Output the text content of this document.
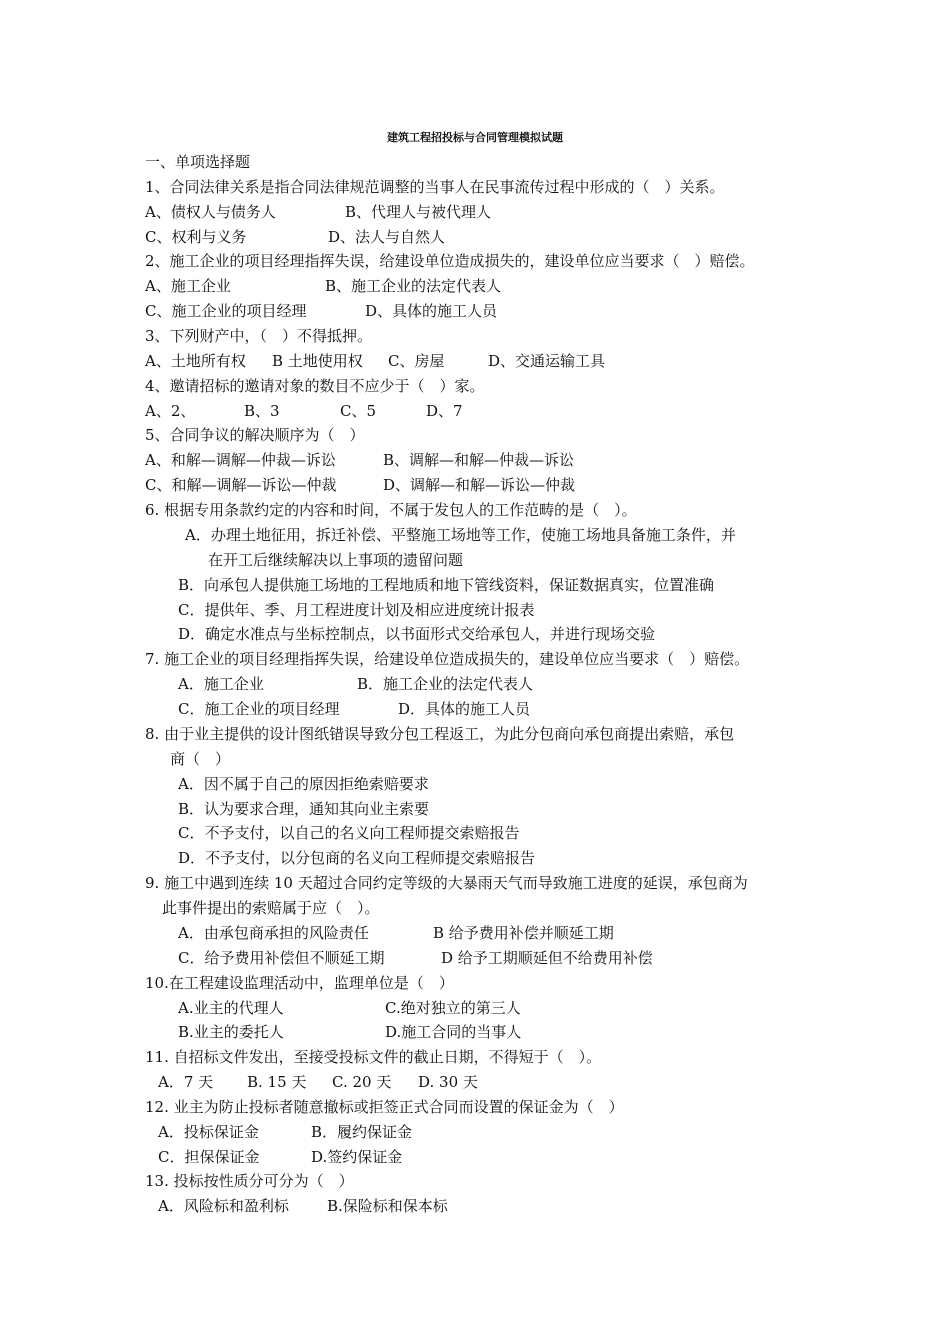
建筑工程招投标与合同管理模拟试题
一、单项选择题
1、合同法律关系是指合同法律规范调整的当事人在民事流传过程中形成的（　）关系。
A、债权人与债务人	B、代理人与被代理人
C、权利与义务	D、法人与自然人
2、施工企业的项目经理指挥失误，给建设单位造成损失的，建设单位应当要求（　）赔偿。
A、施工企业	B、施工企业的法定代表人
C、施工企业的项目经理	D、具体的施工人员
3、下列财产中，（　）不得抵押。
A、土地所有权 B 土地使用权 C、房屋	D、交通运输工具
4、邀请招标的邀请对象的数目不应少于（　）家。
A、2、	B、3	C、5	D、7
5、合同争议的解决顺序为（　）
A、和解—调解—仲裁—诉讼	B、调解—和解—仲裁—诉讼
C、和解—调解—诉讼—仲裁	D、调解—和解—诉讼—仲裁
6. 根据专用条款约定的内容和时间，不属于发包人的工作范畴的是（　）。
A．办理土地征用，拆迁补偿、平整施工场地等工作，使施工场地具备施工条件，并
在开工后继续解决以上事项的遗留问题
B．向承包人提供施工场地的工程地质和地下管线资料，保证数据真实，位置准确
C．提供年、季、月工程进度计划及相应进度统计报表
D．确定水准点与坐标控制点，以书面形式交给承包人，并进行现场交验
7. 施工企业的项目经理指挥失误，给建设单位造成损失的，建设单位应当要求（　）赔偿。
A．施工企业	B．施工企业的法定代表人
C．施工企业的项目经理	D．具体的施工人员
8. 由于业主提供的设计图纸错误导致分包工程返工，为此分包商向承包商提出索赔，承包
商（　）
A．因不属于自己的原因拒绝索赔要求
B．认为要求合理，通知其向业主索要
C．不予支付，以自己的名义向工程师提交索赔报告
D．不予支付，以分包商的名义向工程师提交索赔报告
9. 施工中遇到连续 10 天超过合同约定等级的大暴雨天气而导致施工进度的延误，承包商为
此事件提出的索赔属于应（　）。
A．由承包商承担的风险责任	B 给予费用补偿并顺延工期
C．给予费用补偿但不顺延工期	D 给予工期顺延但不给费用补偿
10.在工程建设监理活动中，监理单位是（　）
A.业主的代理人	C.绝对独立的第三人
B.业主的委托人	D.施工合同的当事人
11. 自招标文件发出，至接受投标文件的截止日期，不得短于（　）。
A．7 天 B. 15 天 C. 20 天 D. 30 天
12. 业主为防止投标者随意撤标或拒签正式合同而设置的保证金为（　）
A．投标保证金	B．履约保证金
C．担保保证金	D.签约保证金
13. 投标按性质分可分为（　）
A．风险标和盈利标	B.保险标和保本标
